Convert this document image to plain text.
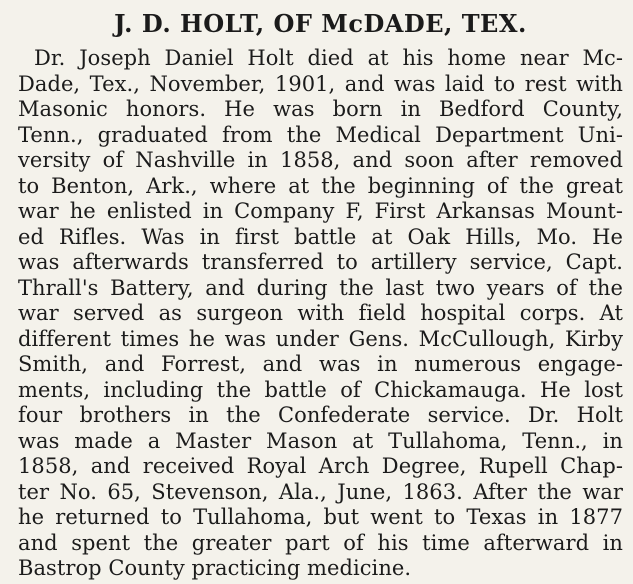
J. D. HOLT, OF McDADE, TEX.
Dr. Joseph Daniel Holt died at his home near Mc-
Dade, Tex., November, 1901, and was laid to rest with
Masonic honors. He was born in Bedford County,
Tenn., graduated from the Medical Department Uni-
versity of Nashville in 1858, and soon after removed
to Benton, Ark., where at the beginning of the great
war he enlisted in Company F, First Arkansas Mount-
ed Rifles. Was in first battle at Oak Hills, Mo. He
was afterwards transferred to artillery service, Capt.
Thrall's Battery, and during the last two years of the
war served as surgeon with field hospital corps. At
different times he was under Gens. McCullough, Kirby
Smith, and Forrest, and was in numerous engage-
ments, including the battle of Chickamauga. He lost
four brothers in the Confederate service. Dr. Holt
was made a Master Mason at Tullahoma, Tenn., in
1858, and received Royal Arch Degree, Rupell Chap-
ter No. 65, Stevenson, Ala., June, 1863. After the war
he returned to Tullahoma, but went to Texas in 1877
and spent the greater part of his time afterward in
Bastrop County practicing medicine.
